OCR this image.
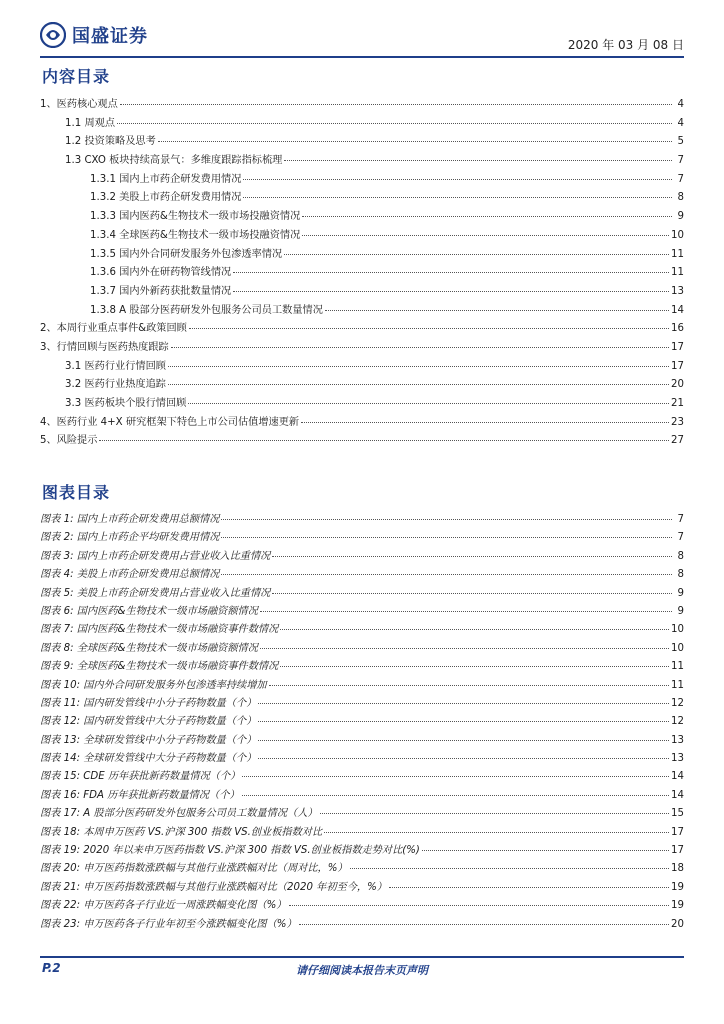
国盛证券	2020 年 03 月 08 日
内容目录
1、医药核心观点	4
1.1 周观点	4
1.2 投资策略及思考	5
1.3 CXO 板块持续高景气：多维度跟踪指标梳理	7
1.3.1 国内上市药企研发费用情况	7
1.3.2 美股上市药企研发费用情况	8
1.3.3 国内医药&生物技术一级市场投融资情况	9
1.3.4 全球医药&生物技术一级市场投融资情况	10
1.3.5 国内外合同研发服务外包渗透率情况	11
1.3.6 国内外在研药物管线情况	11
1.3.7 国内外新药获批数量情况	13
1.3.8 A 股部分医药研发外包服务公司员工数量情况	14
2、本周行业重点事件&政策回顾	16
3、行情回顾与医药热度跟踪	17
3.1 医药行业行情回顾	17
3.2 医药行业热度追踪	20
3.3 医药板块个股行情回顾	21
4、医药行业 4+X 研究框架下特色上市公司估值增速更新	23
5、风险提示	27
图表目录
图表 1: 国内上市药企研发费用总额情况	7
图表 2: 国内上市药企平均研发费用情况	7
图表 3: 国内上市药企研发费用占营业收入比重情况	8
图表 4: 美股上市药企研发费用总额情况	8
图表 5: 美股上市药企研发费用占营业收入比重情况	9
图表 6: 国内医药&生物技术一级市场融资额情况	9
图表 7: 国内医药&生物技术一级市场融资事件数情况	10
图表 8: 全球医药&生物技术一级市场融资额情况	10
图表 9: 全球医药&生物技术一级市场融资事件数情况	11
图表 10: 国内外合同研发服务外包渗透率持续增加	11
图表 11: 国内研发管线中小分子药物数量（个）	12
图表 12: 国内研发管线中大分子药物数量（个）	12
图表 13: 全球研发管线中小分子药物数量（个）	13
图表 14: 全球研发管线中大分子药物数量（个）	13
图表 15: CDE 历年获批新药数量情况（个）	14
图表 16: FDA 历年获批新药数量情况（个）	14
图表 17: A 股部分医药研发外包服务公司员工数量情况（人）	15
图表 18: 本周申万医药 VS.沪深 300 指数 VS.创业板指数对比	17
图表 19: 2020 年以来申万医药指数 VS.沪深 300 指数 VS.创业板指数走势对比(%)	17
图表 20: 申万医药指数涨跌幅与其他行业涨跌幅对比（周对比，%）	18
图表 21: 申万医药指数涨跌幅与其他行业涨跌幅对比（2020 年初至今，%）	19
图表 22: 申万医药各子行业近一周涨跌幅变化图（%）	19
图表 23: 申万医药各子行业年初至今涨跌幅变化图（%）	20
P.2	请仔细阅读本报告末页声明
